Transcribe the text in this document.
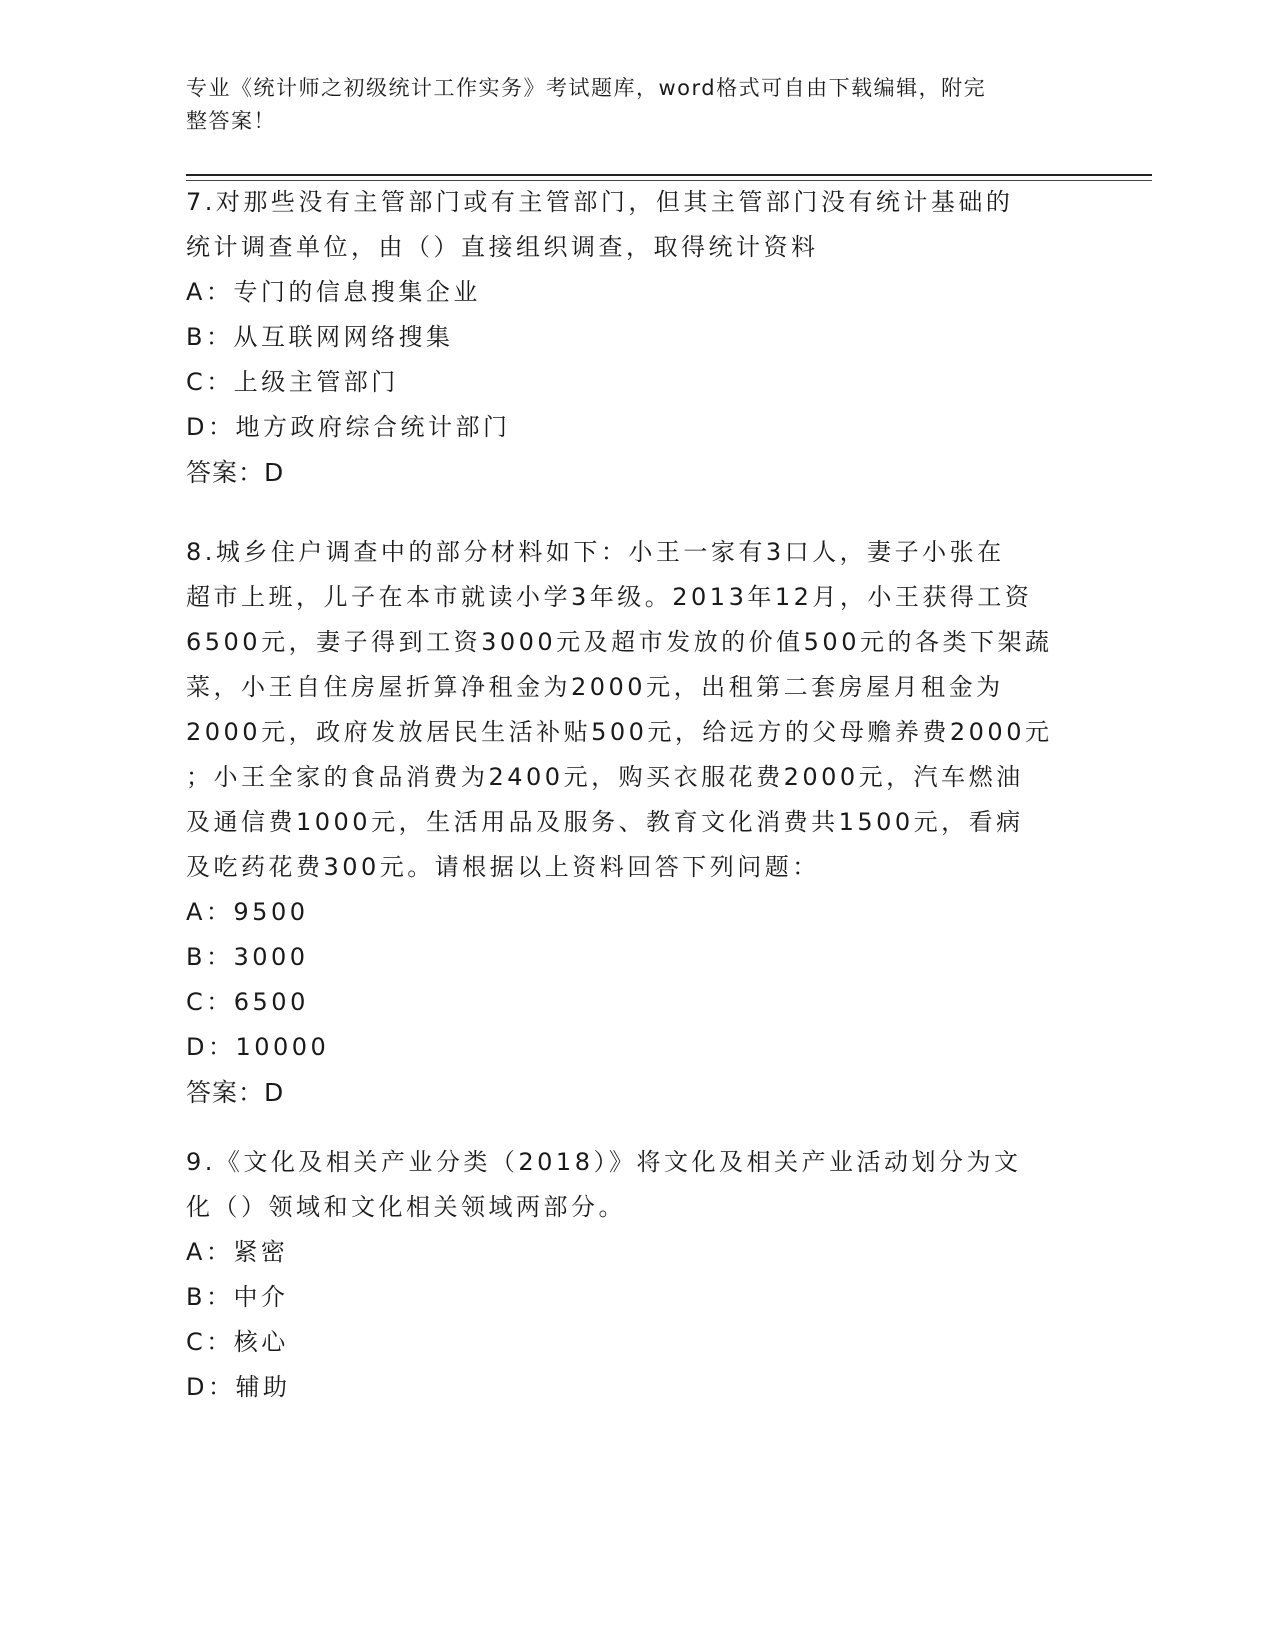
专业《统计师之初级统计工作实务》考试题库，word格式可自由下载编辑，附完
整答案！

7.对那些没有主管部门或有主管部门，但其主管部门没有统计基础的

统计调查单位，由（）直接组织调查，取得统计资料

A：专门的信息搜集企业

B：从互联网网络搜集

C：上级主管部门

D：地方政府综合统计部门

答案：D

8.城乡住户调查中的部分材料如下：小王一家有3口人，妻子小张在

超市上班，儿子在本市就读小学3年级。2013年12月，小王获得工资

6500元，妻子得到工资3000元及超市发放的价值500元的各类下架蔬

菜，小王自住房屋折算净租金为2000元，出租第二套房屋月租金为

2000元，政府发放居民生活补贴500元，给远方的父母赡养费2000元

；小王全家的食品消费为2400元，购买衣服花费2000元，汽车燃油

及通信费1000元，生活用品及服务、教育文化消费共1500元，看病

及吃药花费300元。请根据以上资料回答下列问题：

A：9500

B：3000

C：6500

D：10000

答案：D

9.《文化及相关产业分类（2018）》将文化及相关产业活动划分为文

化（）领域和文化相关领域两部分。

A：紧密

B：中介

C：核心

D：辅助
